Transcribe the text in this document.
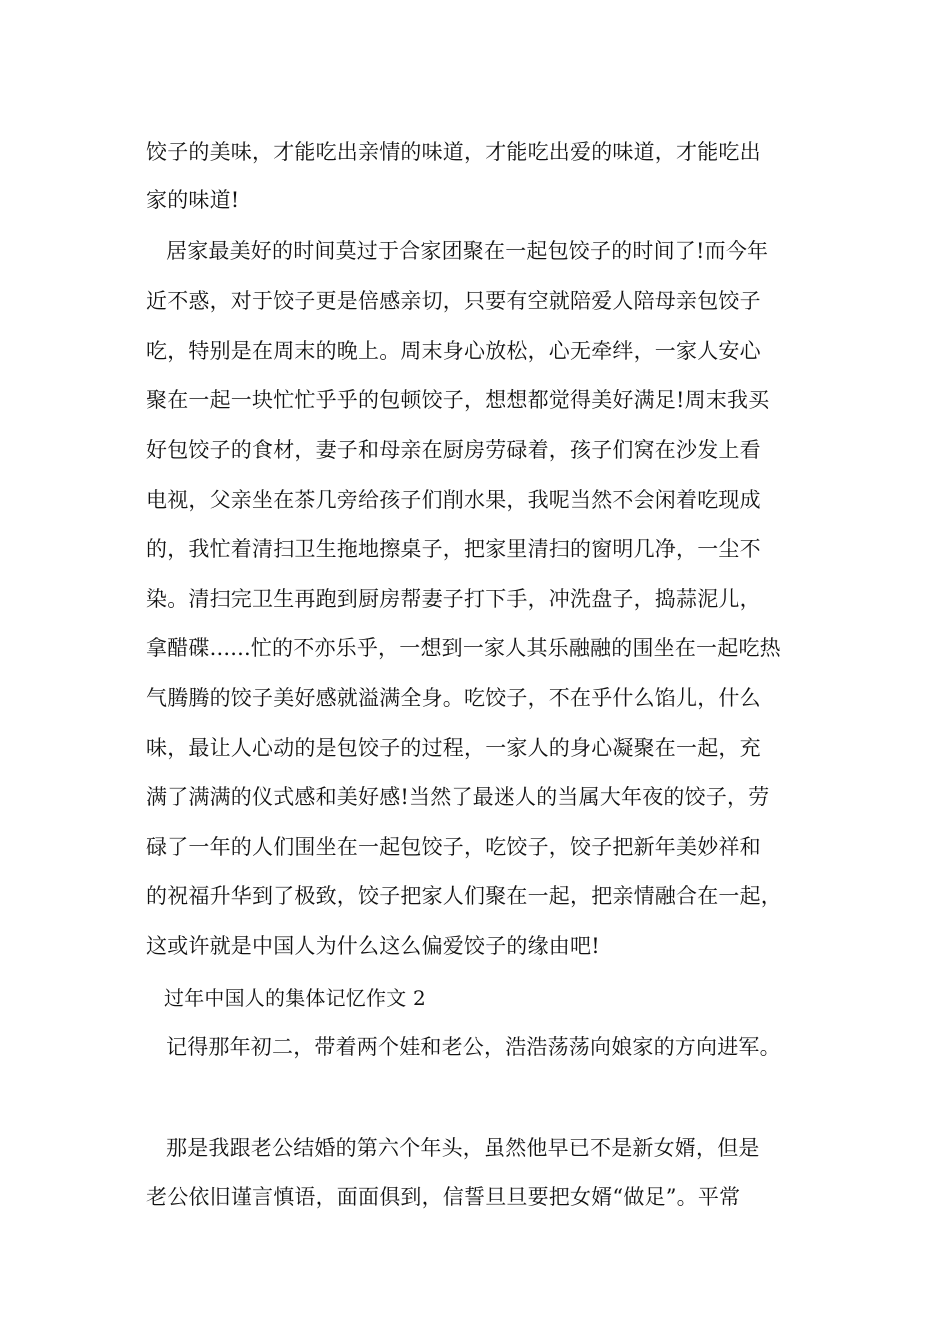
饺子的美味，才能吃出亲情的味道，才能吃出爱的味道，才能吃出
家的味道!
居家最美好的时间莫过于合家团聚在一起包饺子的时间了!而今年
近不惑，对于饺子更是倍感亲切，只要有空就陪爱人陪母亲包饺子
吃，特别是在周末的晚上。周末身心放松，心无牵绊，一家人安心
聚在一起一块忙忙乎乎的包顿饺子，想想都觉得美好满足!周末我买
好包饺子的食材，妻子和母亲在厨房劳碌着，孩子们窝在沙发上看
电视，父亲坐在茶几旁给孩子们削水果，我呢当然不会闲着吃现成
的，我忙着清扫卫生拖地擦桌子，把家里清扫的窗明几净，一尘不
染。清扫完卫生再跑到厨房帮妻子打下手，冲洗盘子，捣蒜泥儿，
拿醋碟......忙的不亦乐乎，一想到一家人其乐融融的围坐在一起吃热
气腾腾的饺子美好感就溢满全身。吃饺子，不在乎什么馅儿，什么
味，最让人心动的是包饺子的过程，一家人的身心凝聚在一起，充
满了满满的仪式感和美好感!当然了最迷人的当属大年夜的饺子，劳
碌了一年的人们围坐在一起包饺子，吃饺子，饺子把新年美妙祥和
的祝福升华到了极致，饺子把家人们聚在一起，把亲情融合在一起，
这或许就是中国人为什么这么偏爱饺子的缘由吧!
过年中国人的集体记忆作文 2
记得那年初二，带着两个娃和老公，浩浩荡荡向娘家的方向进军。
那是我跟老公结婚的第六个年头，虽然他早已不是新女婿，但是
老公依旧谨言慎语，面面俱到，信誓旦旦要把女婿“做足”。平常
